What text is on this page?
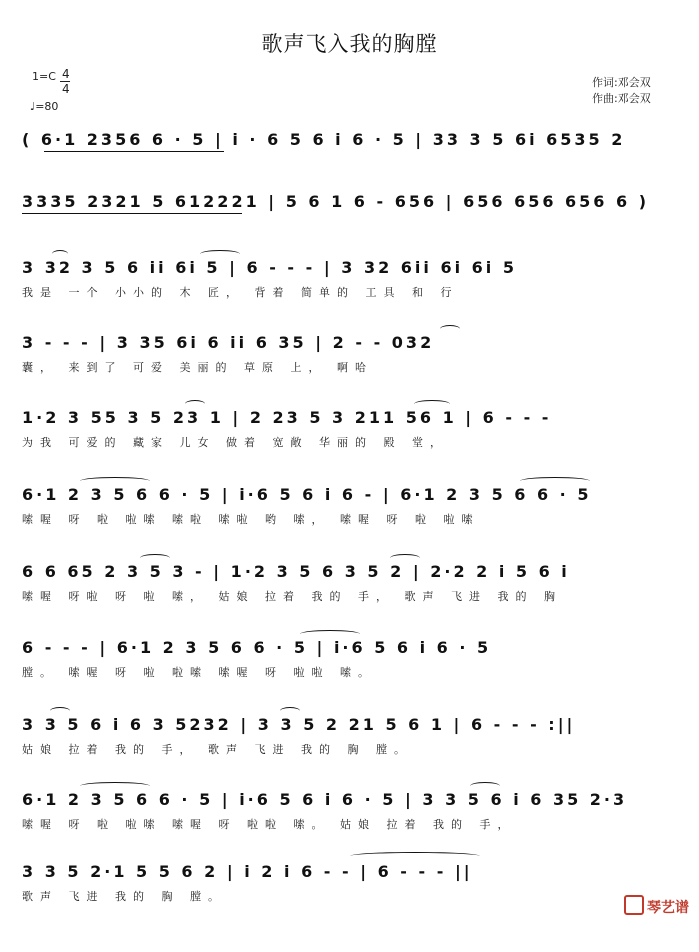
歌声飞入我的胸膛
1=C 4
4
♩=80
作词:邓会双
作曲:邓会双
( 6·1 2356 6 · 5 | i · 6 5 6 i 6 · 5 | 33 3 5 6i 6535 2
3335 2321 5 612221 | 5 6 1 6 - 656 | 656 656 656 6 )
3 32 3 5 6 ii 6i 5 | 6 - - - | 3 32 6ii 6i 6i 5
我是 一个 小小的 木 匠， 背着 简单的 工具 和 行
3 - - - | 3 35 6i 6 ii 6 35 | 2 - - 032
囊， 来到了 可爱 美丽的 草原 上， 啊哈
1·2 3 55 3 5 23 1 | 2 23 5 3 211 56 1 | 6 - - -
为我 可爱的 藏家 儿女 做着 宽敞 华丽的 殿 堂，
6·1 2 3 5 6 6 · 5 | i·6 5 6 i 6 - | 6·1 2 3 5 6 6 · 5
嗦喔 呀 啦 啦嗦 嗦啦 嗦啦 哟 嗦， 嗦喔 呀 啦 啦嗦
6 6 65 2 3 5 3 - | 1·2 3 5 6 3 5 2 | 2·2 2 i 5 6 i
嗦喔 呀啦 呀 啦 嗦， 姑娘 拉着 我的 手， 歌声 飞进 我的 胸
6 - - - | 6·1 2 3 5 6 6 · 5 | i·6 5 6 i 6 · 5
膛。 嗦喔 呀 啦 啦嗦 嗦喔 呀 啦啦 嗦。
3 3 5 6 i 6 3 5232 | 3 3 5 2 21 5 6 1 | 6 - - - :||
姑娘 拉着 我的 手， 歌声 飞进 我的 胸 膛。
6·1 2 3 5 6 6 · 5 | i·6 5 6 i 6 · 5 | 3 3 5 6 i 6 35 2·3
嗦喔 呀 啦 啦嗦 嗦喔 呀 啦啦 嗦。 姑娘 拉着 我的 手，
3 3 5 2·1 5 5 6 2 | i 2 i 6 - - | 6 - - - ||
歌声 飞进 我的 胸 膛。
琴艺谱
